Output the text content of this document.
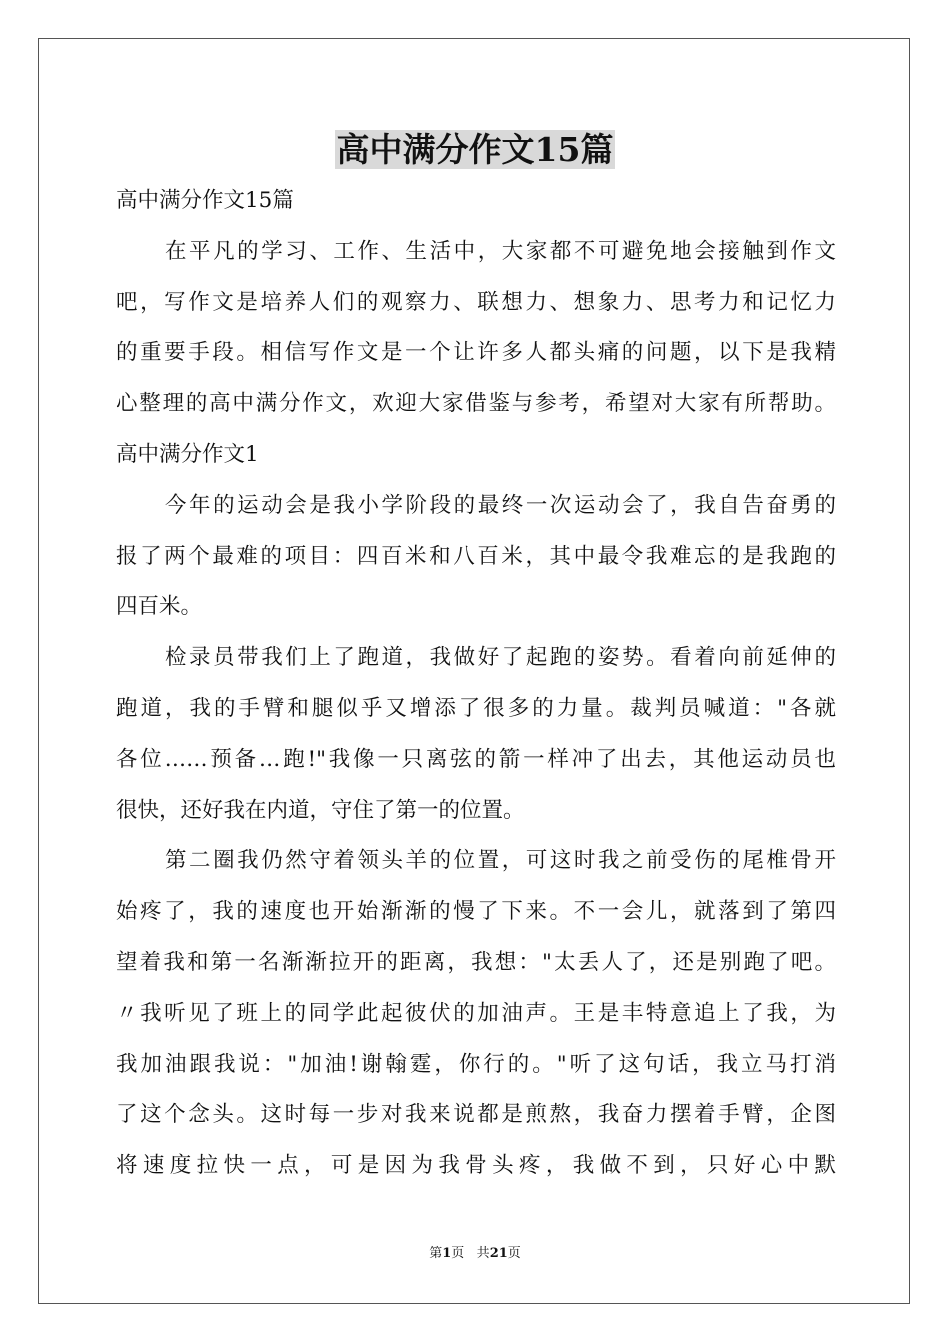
高中满分作文15篇
高中满分作文15篇
在平凡的学习、工作、生活中，大家都不可避免地会接触到作文
吧，写作文是培养人们的观察力、联想力、想象力、思考力和记忆力
的重要手段。相信写作文是一个让许多人都头痛的问题，以下是我精
心整理的高中满分作文，欢迎大家借鉴与参考，希望对大家有所帮助。
高中满分作文1
今年的运动会是我小学阶段的最终一次运动会了，我自告奋勇的
报了两个最难的项目：四百米和八百米，其中最令我难忘的是我跑的
四百米。
检录员带我们上了跑道，我做好了起跑的姿势。看着向前延伸的
跑道，我的手臂和腿似乎又增添了很多的力量。裁判员喊道："各就
各位……预备…跑!"我像一只离弦的箭一样冲了出去，其他运动员也
很快，还好我在内道，守住了第一的位置。
第二圈我仍然守着领头羊的位置，可这时我之前受伤的尾椎骨开
始疼了，我的速度也开始渐渐的慢了下来。不一会儿，就落到了第四
望着我和第一名渐渐拉开的距离，我想："太丢人了，还是别跑了吧。
〃我听见了班上的同学此起彼伏的加油声。王是丰特意追上了我，为
我加油跟我说："加油!谢翰霆，你行的。"听了这句话，我立马打消
了这个念头。这时每一步对我来说都是煎熬，我奋力摆着手臂，企图
将速度拉快一点，可是因为我骨头疼，我做不到，只好心中默
第1页 共21页
